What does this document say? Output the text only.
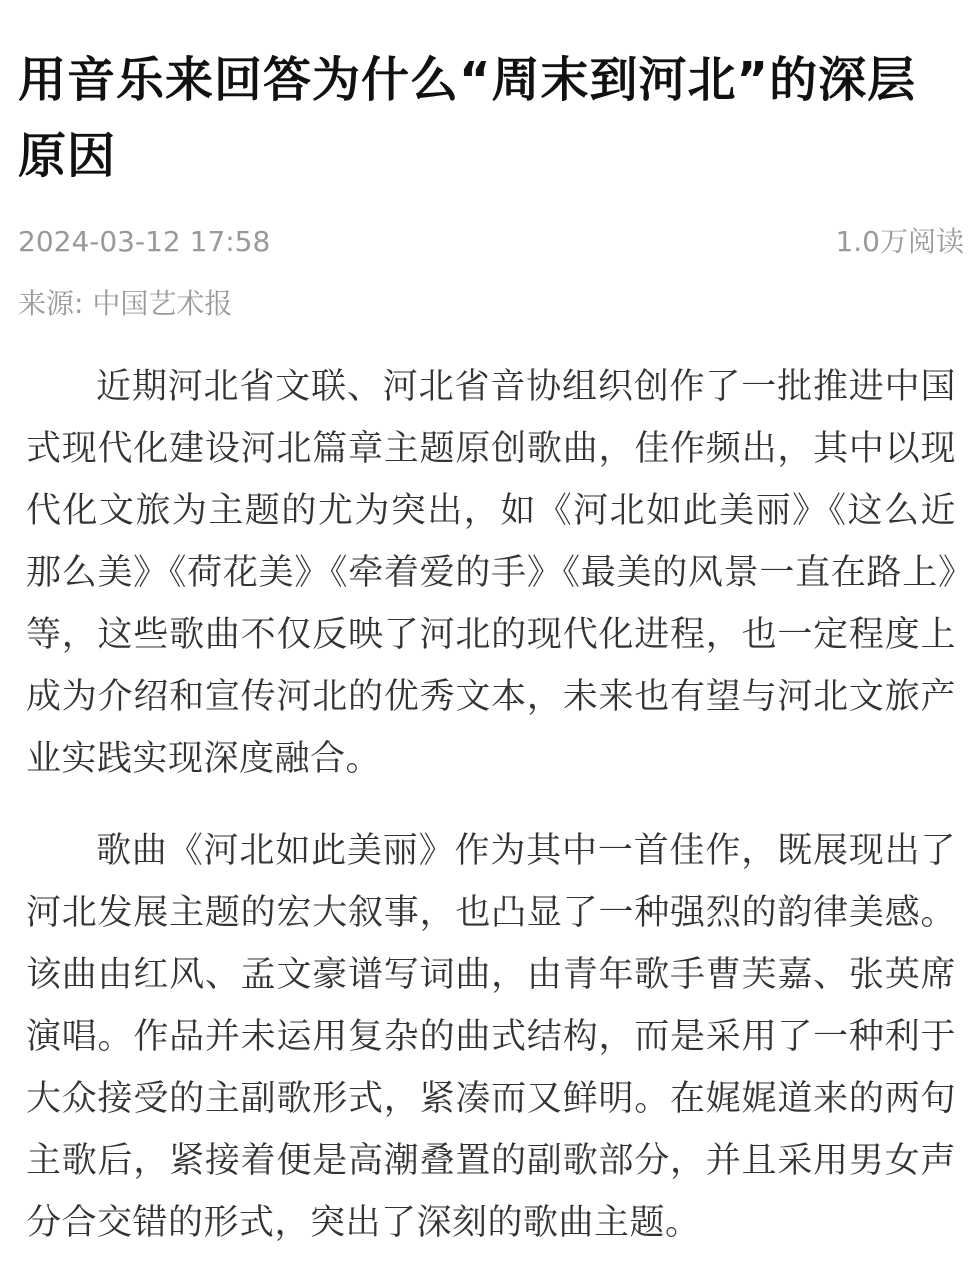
用音乐来回答为什么“周末到河北”的深层原因
2024-03-12 17:58	1.0万阅读
来源: 中国艺术报

近期河北省文联、河北省音协组织创作了一批推进中国式现代化建设河北篇章主题原创歌曲，佳作频出，其中以现代化文旅为主题的尤为突出，如《河北如此美丽》《这么近那么美》《荷花美》《牵着爱的手》《最美的风景一直在路上》等，这些歌曲不仅反映了河北的现代化进程，也一定程度上成为介绍和宣传河北的优秀文本，未来也有望与河北文旅产业实践实现深度融合。

歌曲《河北如此美丽》作为其中一首佳作，既展现出了河北发展主题的宏大叙事，也凸显了一种强烈的韵律美感。该曲由红风、孟文豪谱写词曲，由青年歌手曹芙嘉、张英席演唱。作品并未运用复杂的曲式结构，而是采用了一种利于大众接受的主副歌形式，紧凑而又鲜明。在娓娓道来的两句主歌后，紧接着便是高潮叠置的副歌部分，并且采用男女声分合交错的形式，突出了深刻的歌曲主题。
